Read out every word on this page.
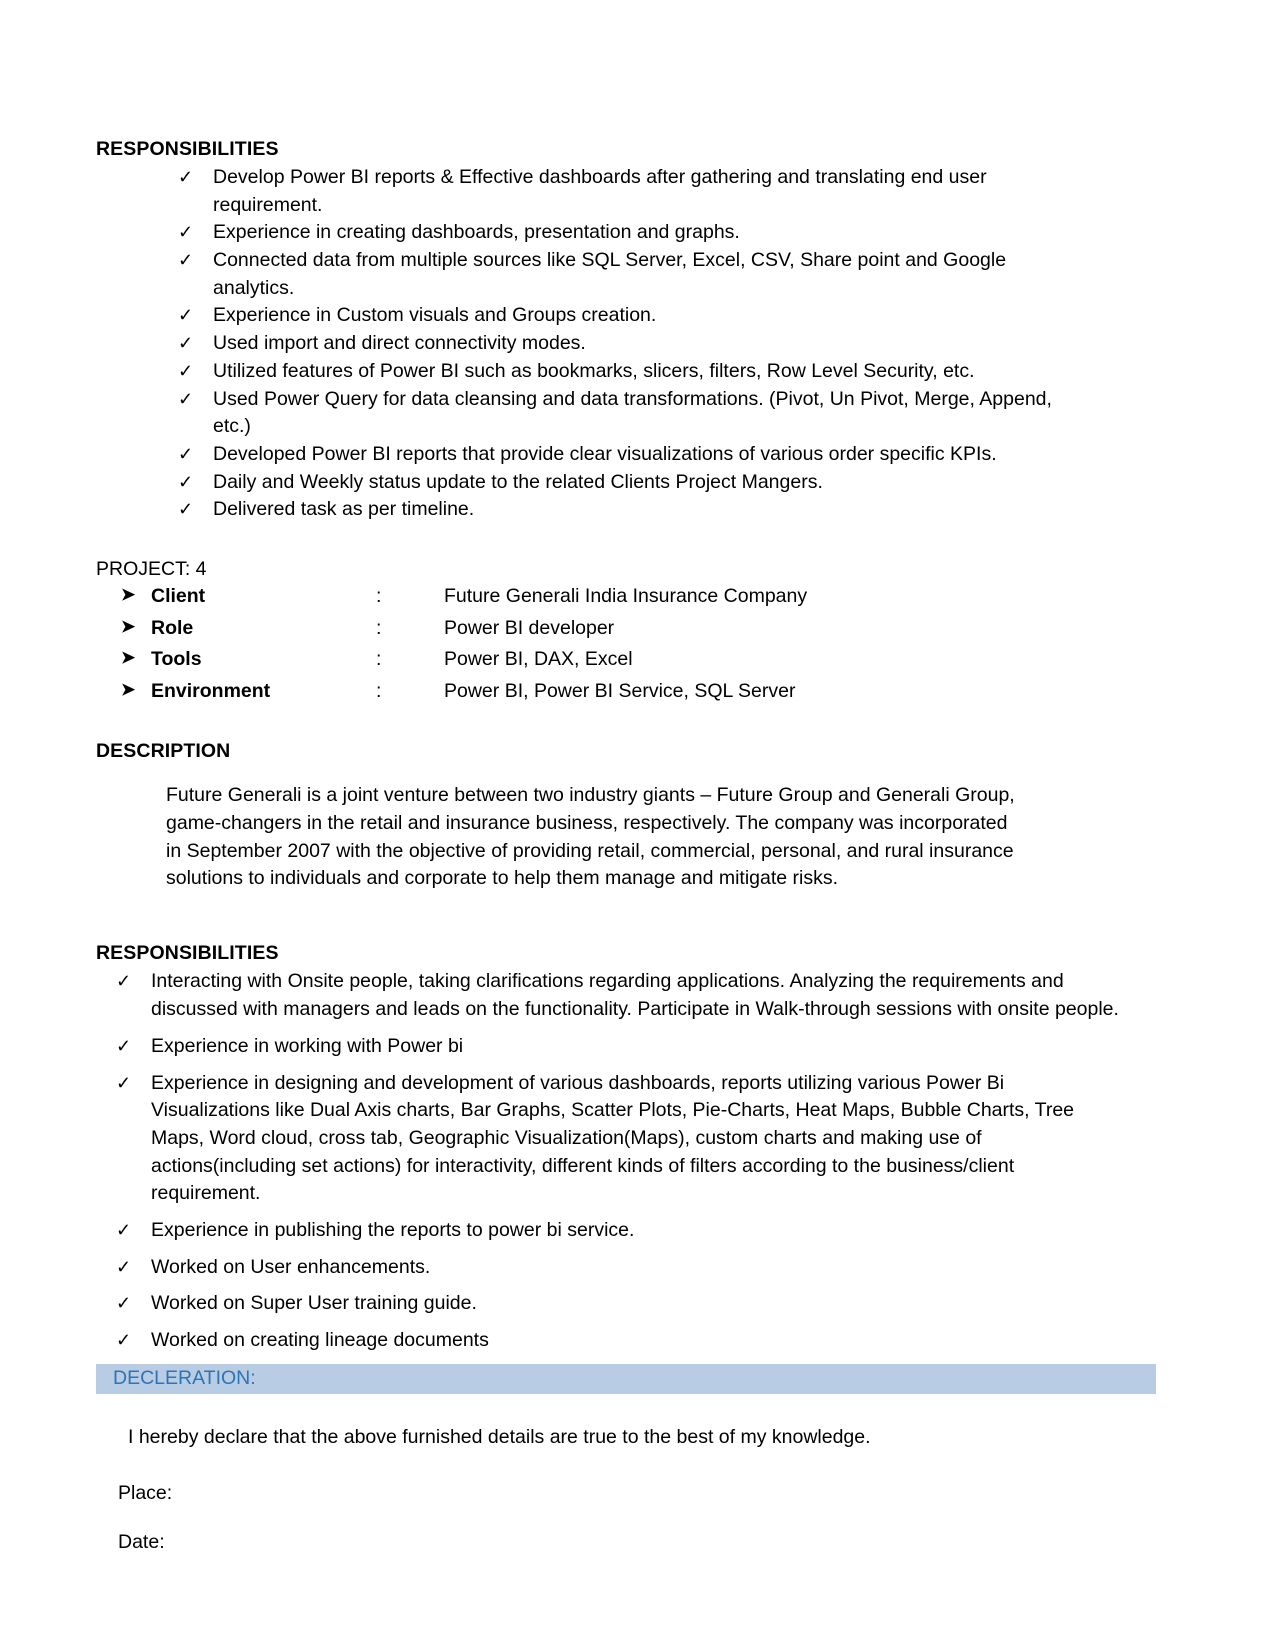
RESPONSIBILITIES
✓ Develop Power BI reports & Effective dashboards after gathering and translating end user requirement.
✓ Experience in creating dashboards, presentation and graphs.
✓ Connected data from multiple sources like SQL Server, Excel, CSV, Share point and Google analytics.
✓ Experience in Custom visuals and Groups creation.
✓ Used import and direct connectivity modes.
✓ Utilized features of Power BI such as bookmarks, slicers, filters, Row Level Security, etc.
✓ Used Power Query for data cleansing and data transformations. (Pivot, Un Pivot, Merge, Append, etc.)
✓ Developed Power BI reports that provide clear visualizations of various order specific KPIs.
✓ Daily and Weekly status update to the related Clients Project Mangers.
✓ Delivered task as per timeline.
PROJECT: 4
➤	Client	:	Future Generali India Insurance Company
➤	Role	:	Power BI developer
➤	Tools	:	Power BI, DAX, Excel
➤	Environment	:	Power BI, Power BI Service, SQL Server
DESCRIPTION

Future Generali is a joint venture between two industry giants – Future Group and Generali Group, game-changers in the retail and insurance business, respectively. The company was incorporated in September 2007 with the objective of providing retail, commercial, personal, and rural insurance solutions to individuals and corporate to help them manage and mitigate risks.

RESPONSIBILITIES
✓ Interacting with Onsite people, taking clarifications regarding applications. Analyzing the requirements and discussed with managers and leads on the functionality. Participate in Walk-through sessions with onsite people.
✓ Experience in working with Power bi
✓ Experience in designing and development of various dashboards, reports utilizing various Power Bi Visualizations like Dual Axis charts, Bar Graphs, Scatter Plots, Pie-Charts, Heat Maps, Bubble Charts, Tree Maps, Word cloud, cross tab, Geographic Visualization(Maps), custom charts and making use of actions(including set actions) for interactivity, different kinds of filters according to the business/client requirement.
✓ Experience in publishing the reports to power bi service.
✓ Worked on User enhancements.
✓ Worked on Super User training guide.
✓ Worked on creating lineage documents
DECLERATION:

I hereby declare that the above furnished details are true to the best of my knowledge.

Place:

Date:
